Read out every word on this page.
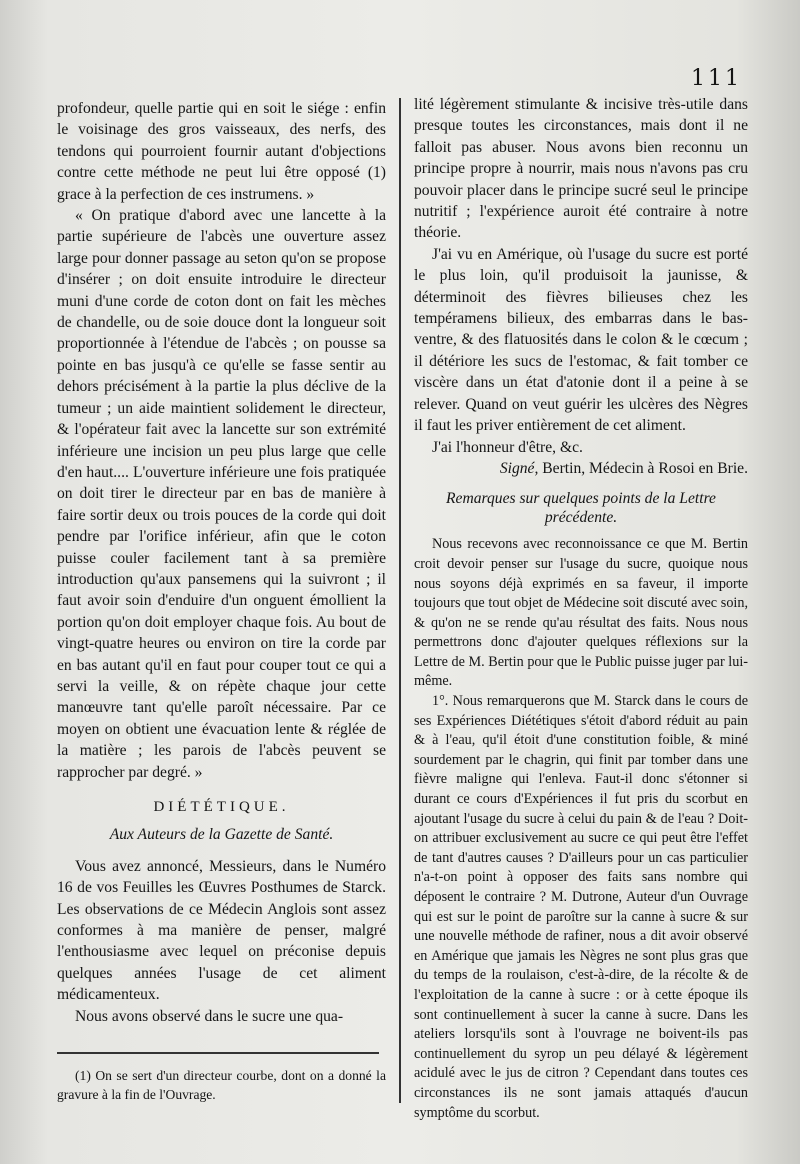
111

profondeur, quelle partie qui en soit le siége : enfin le voisinage des gros vaisseaux, des nerfs, des tendons qui pourroient fournir autant d'objections contre cette méthode ne peut lui être opposé (1) grace à la perfection de ces instrumens. »

« On pratique d'abord avec une lancette à la partie supérieure de l'abcès une ouverture assez large pour donner passage au seton qu'on se propose d'insérer ; on doit ensuite introduire le directeur muni d'une corde de coton dont on fait les mèches de chandelle, ou de soie douce dont la longueur soit proportionnée à l'étendue de l'abcès ; on pousse sa pointe en bas jusqu'à ce qu'elle se fasse sentir au dehors précisément à la partie la plus déclive de la tumeur ; un aide maintient solidement le directeur, & l'opérateur fait avec la lancette sur son extrémité inférieure une incision un peu plus large que celle d'en haut.... L'ouverture inférieure une fois pratiquée on doit tirer le directeur par en bas de manière à faire sortir deux ou trois pouces de la corde qui doit pendre par l'orifice inférieur, afin que le coton puisse couler facilement tant à sa première introduction qu'aux pansemens qui la suivront ; il faut avoir soin d'enduire d'un onguent émollient la portion qu'on doit employer chaque fois. Au bout de vingt-quatre heures ou environ on tire la corde par en bas autant qu'il en faut pour couper tout ce qui a servi la veille, & on répète chaque jour cette manœuvre tant qu'elle paroît nécessaire. Par ce moyen on obtient une évacuation lente & réglée de la matière ; les parois de l'abcès peuvent se rapprocher par degré. »

DIÉTÉTIQUE.
Aux Auteurs de la Gazette de Santé.

Vous avez annoncé, Messieurs, dans le Numéro 16 de vos Feuilles les Œuvres Posthumes de Starck. Les observations de ce Médecin Anglois sont assez conformes à ma manière de penser, malgré l'enthousiasme avec lequel on préconise depuis quelques années l'usage de cet aliment médicamenteux.

Nous avons observé dans le sucre une qua-

lité légèrement stimulante & incisive très-utile dans presque toutes les circonstances, mais dont il ne falloit pas abuser. Nous avons bien reconnu un principe propre à nourrir, mais nous n'avons pas cru pouvoir placer dans le principe sucré seul le principe nutritif ; l'expérience auroit été contraire à notre théorie.

J'ai vu en Amérique, où l'usage du sucre est porté le plus loin, qu'il produisoit la jaunisse, & déterminoit des fièvres bilieuses chez les tempéramens bilieux, des embarras dans le bas-ventre, & des flatuosités dans le colon & le cœcum ; il détériore les sucs de l'estomac, & fait tomber ce viscère dans un état d'atonie dont il a peine à se relever. Quand on veut guérir les ulcères des Nègres il faut les priver entièrement de cet aliment.

J'ai l'honneur d'être, &c.

Signé, Bertin, Médecin à Rosoi en Brie.
Remarques sur quelques points de la Lettre précédente.

Nous recevons avec reconnoissance ce que M. Bertin croit devoir penser sur l'usage du sucre, quoique nous nous soyons déjà exprimés en sa faveur, il importe toujours que tout objet de Médecine soit discuté avec soin, & qu'on ne se rende qu'au résultat des faits. Nous nous permettrons donc d'ajouter quelques réflexions sur la Lettre de M. Bertin pour que le Public puisse juger par lui-même.

1°. Nous remarquerons que M. Starck dans le cours de ses Expériences Diététiques s'étoit d'abord réduit au pain & à l'eau, qu'il étoit d'une constitution foible, & miné sourdement par le chagrin, qui finit par tomber dans une fièvre maligne qui l'enleva. Faut-il donc s'étonner si durant ce cours d'Expériences il fut pris du scorbut en ajoutant l'usage du sucre à celui du pain & de l'eau ? Doit-on attribuer exclusivement au sucre ce qui peut être l'effet de tant d'autres causes ? D'ailleurs pour un cas particulier n'a-t-on point à opposer des faits sans nombre qui déposent le contraire ? M. Dutrone, Auteur d'un Ouvrage qui est sur le point de paroître sur la canne à sucre & sur une nouvelle méthode de rafiner, nous a dit avoir observé en Amérique que jamais les Nègres ne sont plus gras que du temps de la roulaison, c'est-à-dire, de la récolte & de l'exploitation de la canne à sucre : or à cette époque ils sont continuellement à sucer la canne à sucre. Dans les ateliers lorsqu'ils sont à l'ouvrage ne boivent-ils pas continuellement du syrop un peu délayé & légèrement acidulé avec le jus de citron ? Cependant dans toutes ces circonstances ils ne sont jamais attaqués d'aucun symptôme du scorbut.

(1) On se sert d'un directeur courbe, dont on a donné la gravure à la fin de l'Ouvrage.
